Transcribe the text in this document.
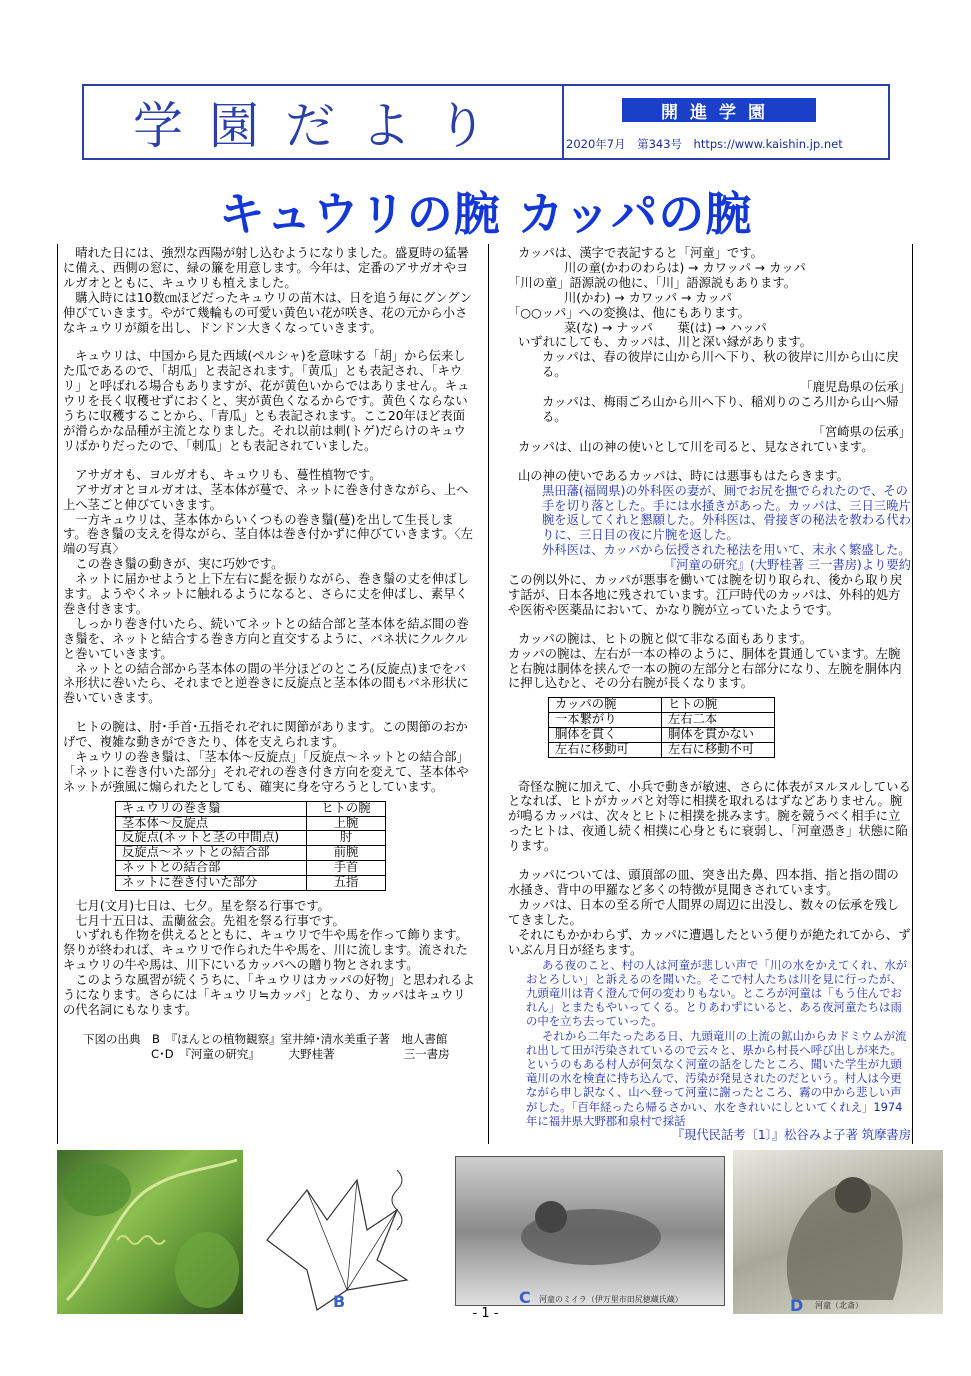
学園だより	開進学園
2020年7月　第343号　https://www.kaishin.jp.net
キュウリの腕 カッパの腕

　晴れた日には、強烈な西陽が射し込むようになりました。盛夏時の猛暑に備え、西側の窓に、緑の簾を用意します。今年は、定番のアサガオやヨルガオとともに、キュウリも植えました。

　購入時には10数㎝ほどだったキュウリの苗木は、日を追う毎にグングン伸びていきます。やがて幾輪もの可愛い黄色い花が咲き、花の元から小さなキュウリが顔を出し、ドンドン大きくなっていきます。

　キュウリは、中国から見た西域(ペルシャ)を意味する「胡」から伝来した瓜であるので、「胡瓜」と表記されます。「黄瓜」とも表記され、「キウリ」と呼ばれる場合もありますが、花が黄色いからではありません。キュウリを長く収穫せずにおくと、実が黄色くなるからです。黄色くならないうちに収穫することから、「青瓜」とも表記されます。ここ20年ほど表面が滑らかな品種が主流となりました。それ以前は刺(トゲ)だらけのキュウリばかりだったので、「刺瓜」とも表記されていました。

　アサガオも、ヨルガオも、キュウリも、蔓性植物です。

　アサガオとヨルガオは、茎本体が蔓で、ネットに巻き付きながら、上へ上へ茎ごと伸びていきます。

　一方キュウリは、茎本体からいくつもの巻き鬚(蔓)を出して生長します。巻き鬚の支えを得ながら、茎自体は巻き付かずに伸びていきます。〈左端の写真〉

　この巻き鬚の動きが、実に巧妙です。

　ネットに届かせようと上下左右に髭を振りながら、巻き鬚の丈を伸ばします。ようやくネットに触れるようになると、さらに丈を伸ばし、素早く巻き付きます。

　しっかり巻き付いたら、続いてネットとの結合部と茎本体を結ぶ間の巻き鬚を、ネットと結合する巻き方向と直交するように、バネ状にクルクルと巻いていきます。

　ネットとの結合部から茎本体の間の半分ほどのところ(反旋点)までをバネ形状に巻いたら、それまでと逆巻きに反旋点と茎本体の間もバネ形状に巻いていきます。

　ヒトの腕は、肘･手首･五指それぞれに関節があります。この関節のおかげで、複雑な動きができたり、体を支えられます。

　キュウリの巻き鬚は、「茎本体～反旋点」「反旋点～ネットとの結合部」「ネットに巻き付いた部分」それぞれの巻き付き方向を変えて、茎本体やネットが強風に煽られたとしても、確実に身を守ろうとしています。

キュウリの巻き鬚	ヒトの腕
茎本体～反旋点	上腕
反旋点(ネットと茎の中間点)	肘
反旋点～ネットとの結合部	前腕
ネットとの結合部	手首
ネットに巻き付いた部分	五指

　七月(文月)七日は、七夕。星を祭る行事です。

　七月十五日は、盂蘭盆会。先祖を祭る行事です。

　いずれも作物を供えるとともに、キュウリで牛や馬を作って飾ります。祭りが終われば、キュウリで作られた牛や馬を、川に流します。流されたキュウリの牛や馬は、川下にいるカッパへの贈り物とされます。

　このような風習が続くうちに、「キュウリはカッパの好物」と思われるようになります。さらには「キュウリ≒カッパ」となり、カッパはキュウリの代名詞にもなります。

下図の出典　B　『ほんとの植物観察』室井綽･清水美重子著　地人書館

C･D　『河童の研究』　　　大野桂著　　　　　　三一書房

カッパは、漢字で表記すると「河童」です。

川の童(かわのわらは) → カワッパ → カッパ

「川の童」語源説の他に、「川」語源説もあります。

川(かわ) → カワッパ → カッパ

「○○ッパ」への変換は、他にもあります。

菜(な) → ナッパ　　葉(は) → ハッパ

いずれにしても、カッパは、川と深い縁があります。

カッパは、春の彼岸に山から川へ下り、秋の彼岸に川から山に戻る。

「鹿児島県の伝承」

カッパは、梅雨ごろ山から川へ下り、稲刈りのころ川から山へ帰る。

「宮崎県の伝承」

カッパは、山の神の使いとして川を司ると、見なされています。

山の神の使いであるカッパは、時には悪事もはたらきます。

黒田藩(福岡県)の外科医の妻が、厠でお尻を撫でられたので、その手を切り落とした。手には水掻きがあった。カッパは、三日三晩片腕を返してくれと懇願した。外科医は、骨接ぎの秘法を教わる代わりに、三日目の夜に片腕を返した。

外科医は、カッパから伝授された秘法を用いて、末永く繁盛した。

『河童の研究』(大野桂著 三一書房)より要約

この例以外に、カッパが悪事を働いては腕を切り取られ、後から取り戻す話が、日本各地に残されています。江戸時代のカッパは、外科的処方や医術や医薬品において、かなり腕が立っていたようです。

カッパの腕は、ヒトの腕と似て非なる面もあります。

カッパの腕は、左右が一本の棒のように、胴体を貫通しています。左腕と右腕は胴体を挟んで一本の腕の左部分と右部分になり、左腕を胴体内に押し込むと、その分右腕が長くなります。

カッパの腕	ヒトの腕
一本繋がり	左右二本
胴体を貫く	胴体を貫かない
左右に移動可	左右に移動不可

奇怪な腕に加えて、小兵で動きが敏速、さらに体表がヌルヌルしているとなれば、ヒトがカッパと対等に相撲を取れるはずなどありません。腕が鳴るカッパは、次々とヒトに相撲を挑みます。腕を競うべく相手に立ったヒトは、夜通し続く相撲に心身ともに衰弱し、「河童憑き」状態に陥ります。

カッパについては、頭頂部の皿、突き出た鼻、四本指、指と指の間の水掻き、背中の甲羅など多くの特徴が見聞きされています。

カッパは、日本の至る所で人間界の周辺に出没し、数々の伝承を残してきました。

それにもかかわらず、カッパに遭遇したという便りが絶たれてから、ずいぶん月日が経ちます。

ある夜のこと、村の人は河童が悲しい声で「川の水をかえてくれ、水がおとろしい」と訴えるのを聞いた。そこで村人たちは川を見に行ったが、九頭竜川は青く澄んで何の変わりもない。ところが河童は「もう住んでおれん」とまたもやいってくる。とりあわずにいると、ある夜河童たちは雨の中を立ち去っていった。

それから二年たったある日、九頭竜川の上流の鉱山からカドミウムが流れ出して田が汚染されているので云々と、県から村長へ呼び出しが来た。というのもある村人が何気なく河童の話をしたところ、聞いた学生が九頭竜川の水を検査に持ち込んで、汚染が発見されたのだという。村人は今更ながら申し訳なく、山へ登って河童に謝ったところ、霧の中から悲しい声がした。「百年経ったら帰るさかい、水をきれいにしといてくれえ」1974年に福井県大野郡和泉村で採話

『現代民話考〔1〕』松谷みよ子著 筑摩書房

B	C 河童のミイラ（伊万里市田尻徳蔵氏蔵）	D 河童（北斎）
- 1 -
